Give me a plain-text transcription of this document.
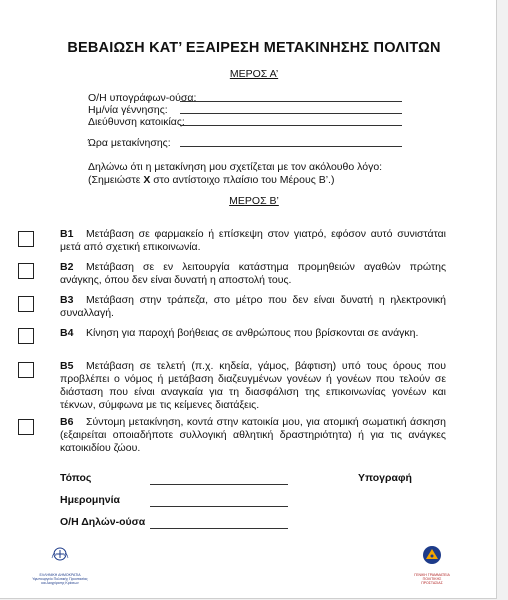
ΒΕΒΑΙΩΣΗ ΚΑΤ’ ΕΞΑΙΡΕΣΗ ΜΕΤΑΚΙΝΗΣΗΣ ΠΟΛΙΤΩΝ
ΜΕΡΟΣ Α’
Ο/Η υπογράφων-ούσα:
Ημ/νία γέννησης:
Διεύθυνση κατοικίας:
Ώρα μετακίνησης:
Δηλώνω ότι η μετακίνηση μου σχετίζεται με τον ακόλουθο λόγο:
(Σημειώστε Χ στο αντίστοιχο πλαίσιο του Μέρους Β’.)
ΜΕΡΟΣ Β’
Β1 Μετάβαση σε φαρμακείο ή επίσκεψη στον γιατρό, εφόσον αυτό συνιστάται μετά από σχετική επικοινωνία.
Β2 Μετάβαση σε εν λειτουργία κατάστημα προμηθειών αγαθών πρώτης ανάγκης, όπου δεν είναι δυνατή η αποστολή τους.
Β3 Μετάβαση στην τράπεζα, στο μέτρο που δεν είναι δυνατή η ηλεκτρονική συναλλαγή.
Β4 Κίνηση για παροχή βοήθειας σε ανθρώπους που βρίσκονται σε ανάγκη.
Β5 Μετάβαση σε τελετή (π.χ. κηδεία, γάμος, βάφτιση) υπό τους όρους που προβλέπει ο νόμος ή μετάβαση διαζευγμένων γονέων ή γονέων που τελούν σε διάσταση που είναι αναγκαία για τη διασφάλιση της επικοινωνίας γονέων και τέκνων, σύμφωνα με τις κείμενες διατάξεις.
Β6 Σύντομη μετακίνηση, κοντά στην κατοικία μου, για ατομική σωματική άσκηση (εξαιρείται οποιαδήποτε συλλογική αθλητική δραστηριότητα) ή για τις ανάγκες κατοικιδίου ζώου.
Τόπος	Υπογραφή
Ημερομηνία
Ο/Η Δηλών-ούσα
ΕΛΛΗΝΙΚΗ ΔΗΜΟΚΡΑΤΙΑ
Υφυπουργείο Πολιτικής Προστασίας
και Διαχείρισης Κρίσεων
ΓΕΝΙΚΗ ΓΡΑΜΜΑΤΕΙΑ
ΠΟΛΙΤΙΚΗΣ ΠΡΟΣΤΑΣΙΑΣ
